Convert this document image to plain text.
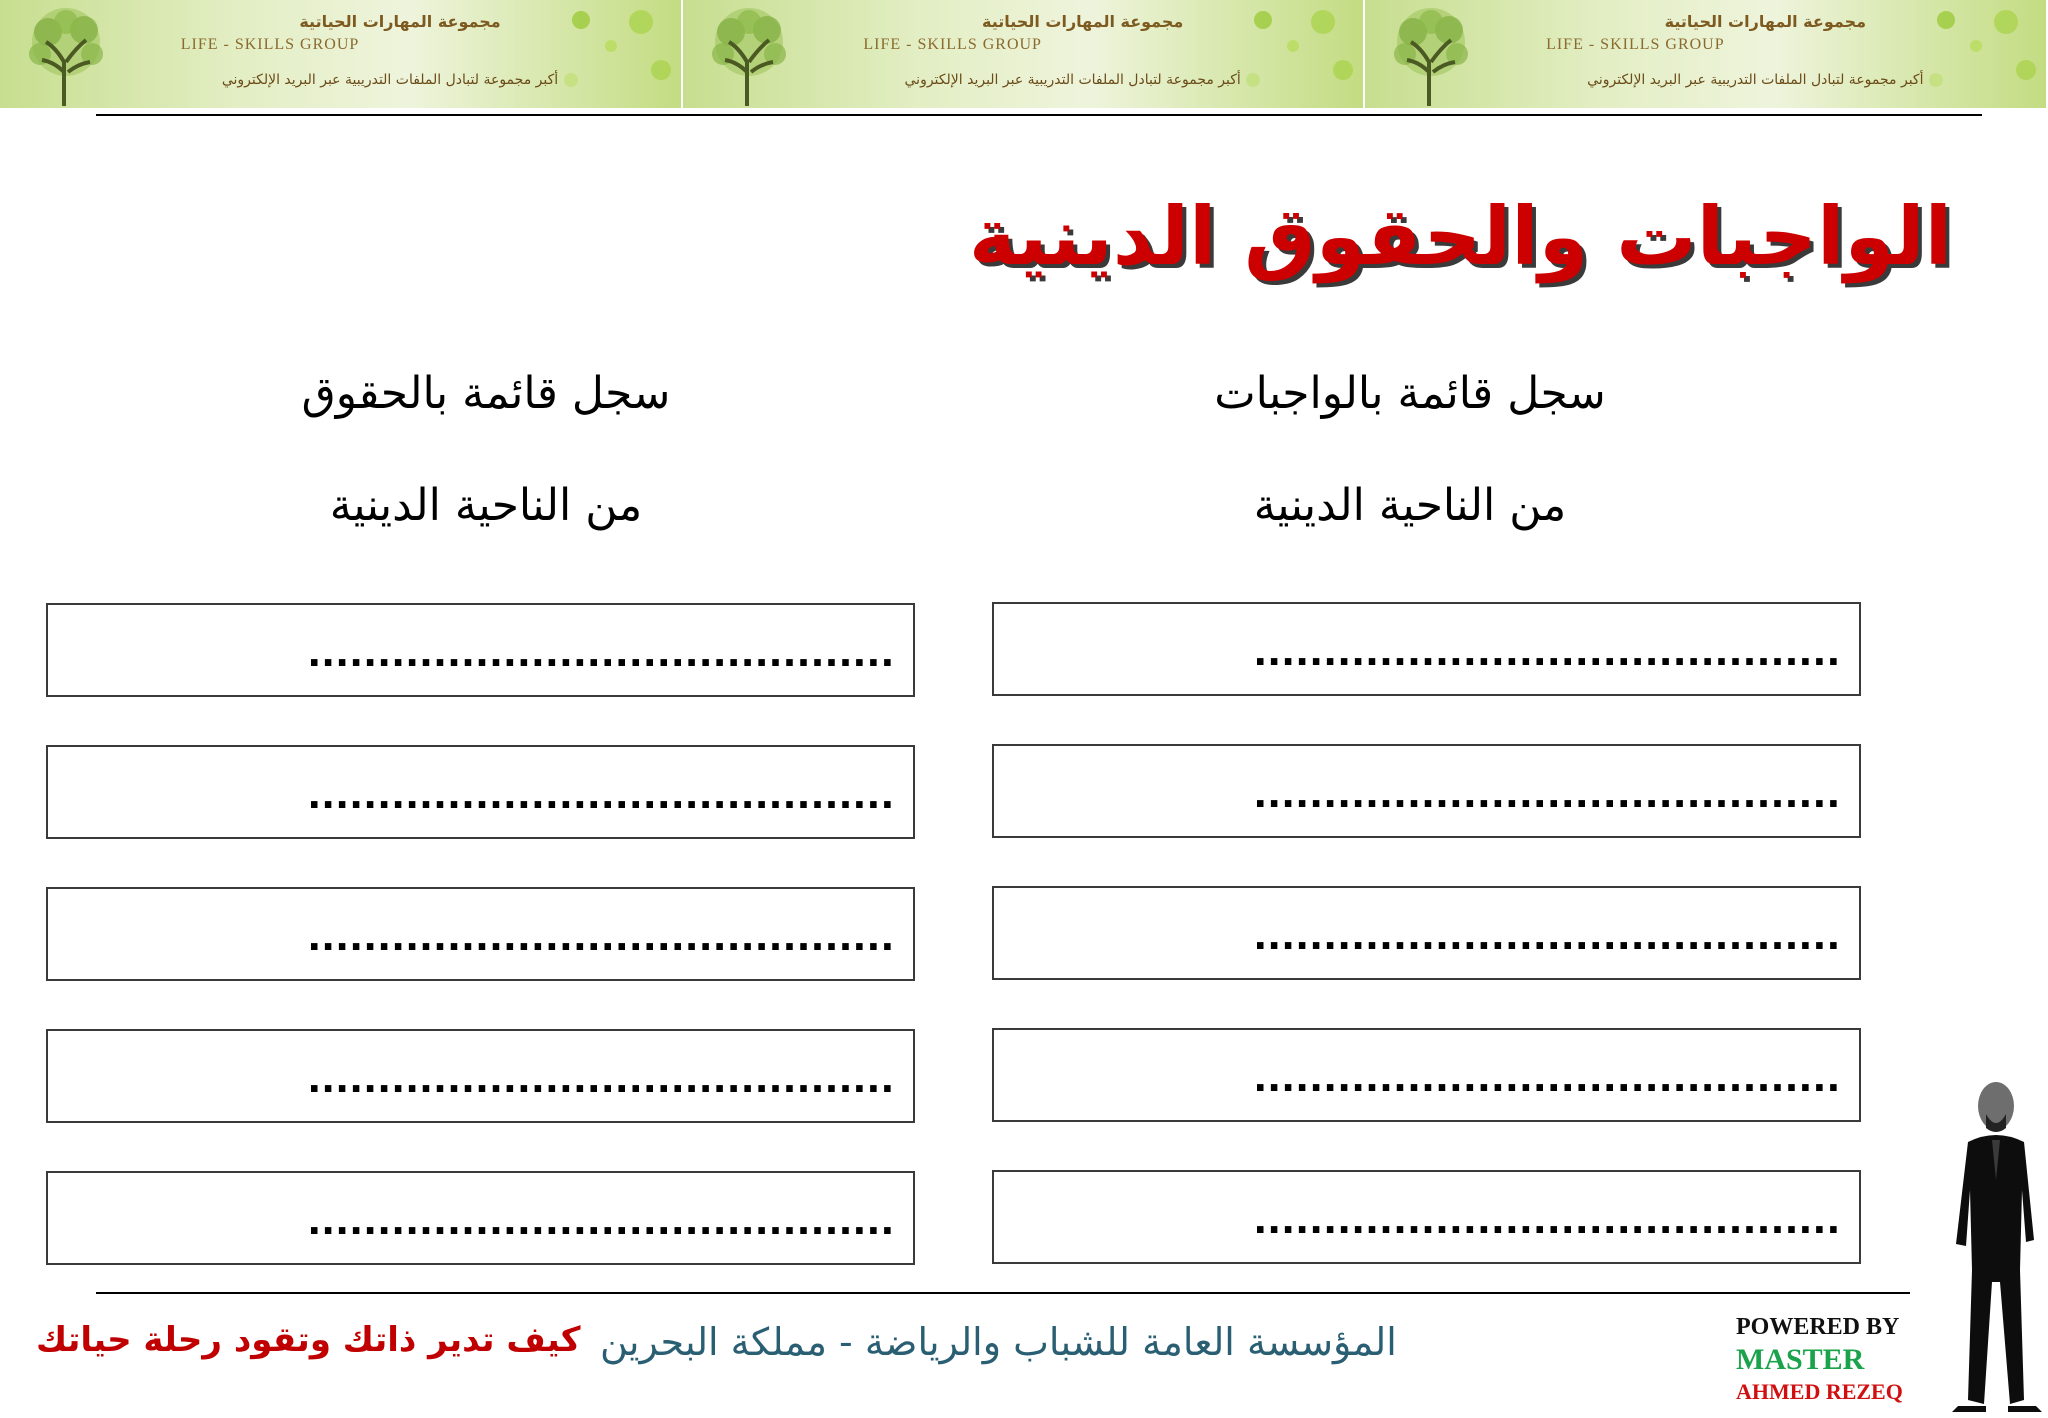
مجموعة المهارات الحياتية
LIFE - SKILLS GROUP
أكبر مجموعة لتبادل الملفات التدريبية عبر البريد الإلكتروني
مجموعة المهارات الحياتية
LIFE - SKILLS GROUP
أكبر مجموعة لتبادل الملفات التدريبية عبر البريد الإلكتروني
مجموعة المهارات الحياتية
LIFE - SKILLS GROUP
أكبر مجموعة لتبادل الملفات التدريبية عبر البريد الإلكتروني
الواجبات والحقوق الدينية
سجل قائمة بالواجبات
من الناحية الدينية
سجل قائمة بالحقوق
من الناحية الدينية
..........................................
..........................................
..........................................
..........................................
..........................................
..........................................
..........................................
..........................................
..........................................
..........................................
كيف تدير ذاتك وتقود رحلة حياتك المؤسسة العامة للشباب والرياضة - مملكة البحرين	POWERED BY
MASTER
AHMED REZEQ
